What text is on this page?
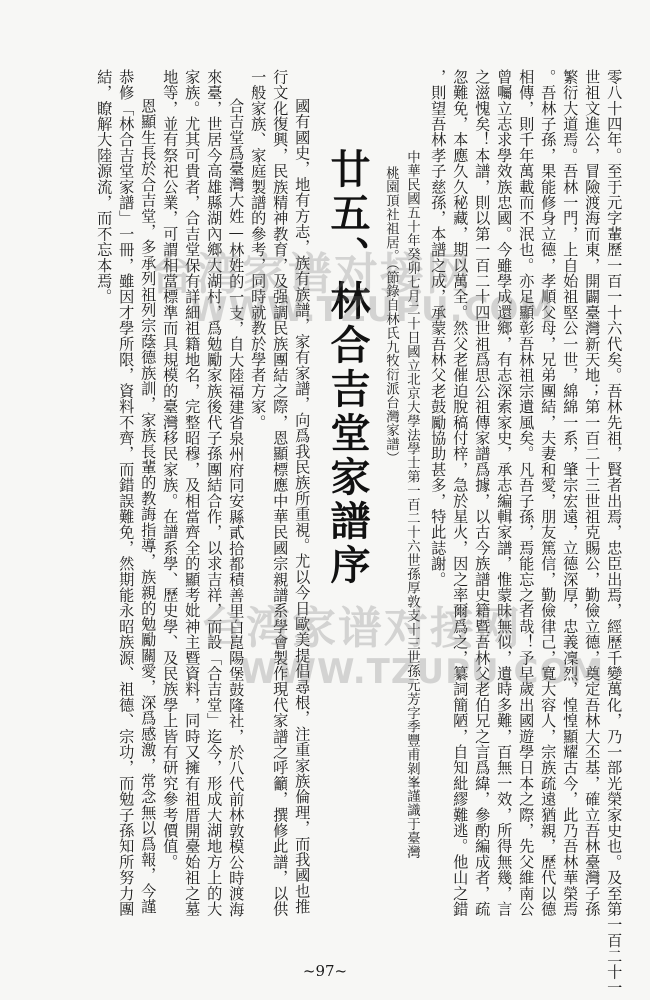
零八十四年。至于元字輩歷一百一十六代矣。吾林先祖，賢者出焉，忠臣出焉，經歷千變萬化，乃一部光榮家史也。及至第一百二十一
世祖文進公，冒險渡海而東，開闢臺灣新天地；第一百二十三世祖克賜公，勤儉立德，奠定吾林大丕基，確立吾林臺灣子孫
繁衍大道焉。吾林一門，上自始祖堅公一世，綿綿一系，肇宗宏遠，立德深厚，忠義凜烈，惶惶顯耀古今，此乃吾林華榮焉
。吾林子孫，果能修身立德，孝順父母，兄弟團結，夫妻和愛，朋友篤信，勤儉律己，寬大容人，宗族疏遠猶親，歷代以德
相傳，則千年萬載而不泯也。亦足顯彰吾林祖宗遺風矣。凡吾子孫，焉能忘之者哉！予早歲出國遊學日本之際，先父維南公
曾囑立志求學效族忠國。今雖學成還鄉，有志深索家史，承志編輯家譜，惟蒙昧無似，遺時多難，百無一效，所得無幾，言
之滋愧矣！本譜，則以第一百二十四世祖爲思公祖傳家譜爲據，以古今族譜史籍暨吾林父老伯兄之言爲緯，參酌編成者，疏
忽難免，本應久久秘藏，期以萬全。然父老催迫脫稿付梓，急於星火，因之率爾爲之，纂詞簡陋，自知紕繆難逃。他山之錯
，則望吾林孝子慈孫，本譜之成，承蒙吾林父老鼓勵協助甚多，特此誌謝。
中華民國五十年癸卯七月二十日國立北京大學法學士第一百二十六世孫厚敦支十三世孫元芳字季豐甫剝峯謹識于臺灣
桃園頂社祖居。（節錄自林氏九牧衍派台灣家譜）
廿五、林合吉堂家譜序
國有國史，地有方志，族有族譜，家有家譜，向爲我民族所重視。尤以今日歐美提倡尋根，注重家族倫理，而我國也推
行文化復興，民族精神教育，及强調民族團結之際，恩顯標應中華民國宗親譜系學會製作現代家譜之呼籲，撰修此譜，以供
一般家族、家庭製譜的參考，同時就教於學者方家。
合吉堂爲臺灣大姓—林姓的一支，自大陸福建省泉州府同安縣貳拾都積善里白崑陽堡鼓隆社，於八代前林敦模公時渡海
來臺，世居今高雄縣湖內鄉大湖村，爲勉勵家族後代子孫團結合作，以求吉祥，而設「合吉堂」迄今，形成大湖地方上的大
家族。尤其可貴者，合吉堂保有詳細祖籍地名，完整昭穆，及相當齊全的顯考妣神主暨資料，同時又擁有祖厝開臺始祖之墓
地等，並有祭祀公業，可謂相當標準而具規模的臺灣移民家族。在譜系學、歷史學、及民族學上皆有研究參考價值。
恩顯生長於合吉堂，多承列祖列宗蔭德族訓，家族長輩的教誨指導，族親的勉勵關愛，深爲感激，常念無以爲報，今謹
恭修「林合吉堂家譜」一冊，雖因才學所限，資料不齊，而錯誤難免，然期能永昭族源、祖德、宗功，而勉子孫知所努力團
結，瞭解大陸源流，而不忘本焉。 台湾家谱对接网
WWW.TZUPU.COM
台湾家谱对接网
WWW.TZUPU.COM
~97~
